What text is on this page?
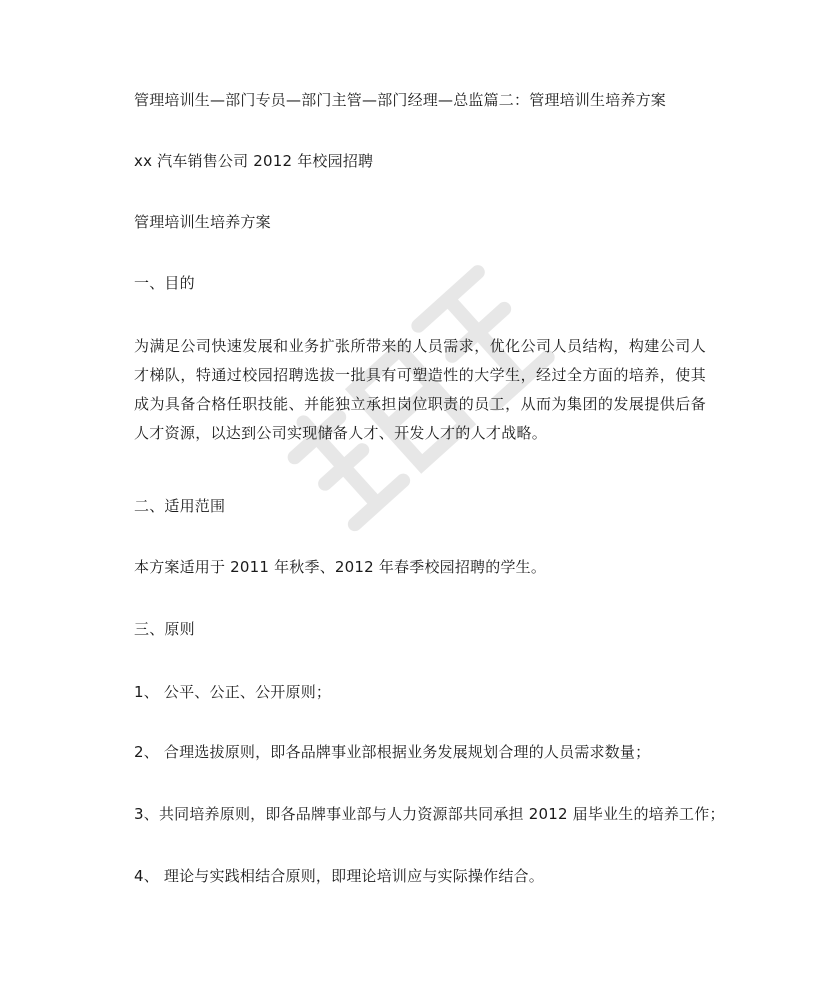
管理培训生—部门专员—部门主管—部门经理—总监篇二：管理培训生培养方案
xx 汽车销售公司 2012 年校园招聘
管理培训生培养方案
一、目的
为满足公司快速发展和业务扩张所带来的人员需求，优化公司人员结构，构建公司人才梯队，特通过校园招聘选拔一批具有可塑造性的大学生，经过全方面的培养，使其成为具备合格任职技能、并能独立承担岗位职责的员工，从而为集团的发展提供后备人才资源，以达到公司实现储备人才、开发人才的人才战略。
二、适用范围
本方案适用于 2011 年秋季、2012 年春季校园招聘的学生。
三、原则
1、 公平、公正、公开原则；
2、 合理选拔原则，即各品牌事业部根据业务发展规划合理的人员需求数量；
3、共同培养原则，即各品牌事业部与人力资源部共同承担 2012 届毕业生的培养工作；
4、 理论与实践相结合原则，即理论培训应与实际操作结合。
